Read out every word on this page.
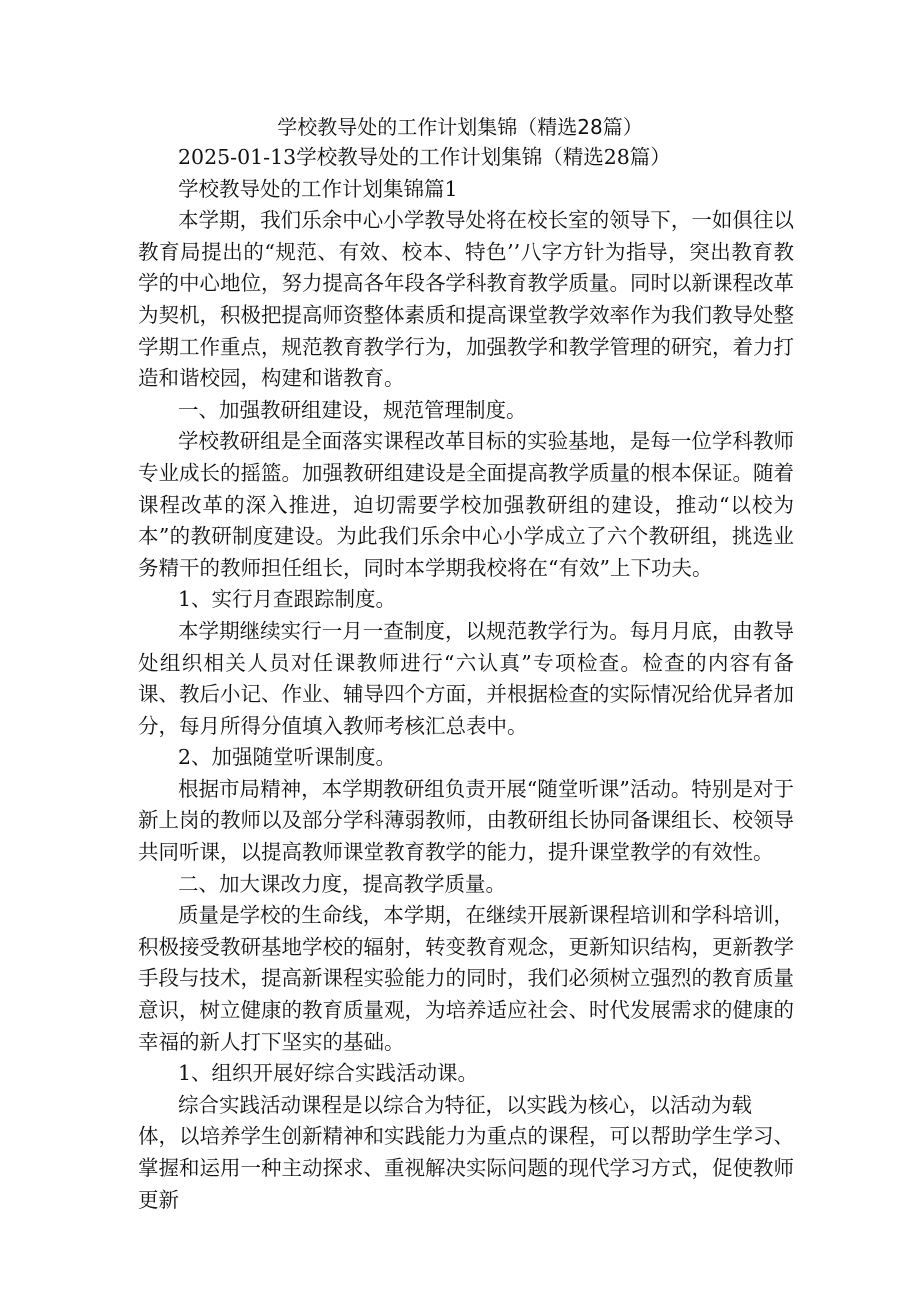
学校教导处的工作计划集锦（精选28篇）

2025-01-13学校教导处的工作计划集锦（精选28篇）

学校教导处的工作计划集锦篇1

本学期，我们乐余中心小学教导处将在校长室的领导下，一如俱往以教育局提出的“规范、有效、校本、特色’’八字方针为指导，突出教育教学的中心地位，努力提高各年段各学科教育教学质量。同时以新课程改革为契机，积极把提高师资整体素质和提高课堂教学效率作为我们教导处整学期工作重点，规范教育教学行为，加强教学和教学管理的研究，着力打造和谐校园，构建和谐教育。

一、加强教研组建设，规范管理制度。

学校教研组是全面落实课程改革目标的实验基地，是每一位学科教师专业成长的摇篮。加强教研组建设是全面提高教学质量的根本保证。随着课程改革的深入推进，迫切需要学校加强教研组的建设，推动“以校为本”的教研制度建设。为此我们乐余中心小学成立了六个教研组，挑选业务精干的教师担任组长，同时本学期我校将在“有效”上下功夫。

1、实行月查跟踪制度。

本学期继续实行一月一查制度，以规范教学行为。每月月底，由教导处组织相关人员对任课教师进行“六认真”专项检查。检查的内容有备课、教后小记、作业、辅导四个方面，并根据检查的实际情况给优异者加分，每月所得分值填入教师考核汇总表中。

2、加强随堂听课制度。

根据市局精神，本学期教研组负责开展“随堂听课”活动。特别是对于新上岗的教师以及部分学科薄弱教师，由教研组长协同备课组长、校领导共同听课，以提高教师课堂教育教学的能力，提升课堂教学的有效性。

二、加大课改力度，提高教学质量。

质量是学校的生命线，本学期，在继续开展新课程培训和学科培训，积极接受教研基地学校的辐射，转变教育观念，更新知识结构，更新教学手段与技术，提高新课程实验能力的同时，我们必须树立强烈的教育质量意识，树立健康的教育质量观，为培养适应社会、时代发展需求的健康的幸福的新人打下坚实的基础。

1、组织开展好综合实践活动课。

综合实践活动课程是以综合为特征，以实践为核心，以活动为载

体，以培养学生创新精神和实践能力为重点的课程，可以帮助学生学习、掌握和运用一种主动探求、重视解决实际问题的现代学习方式，促使教师更新
